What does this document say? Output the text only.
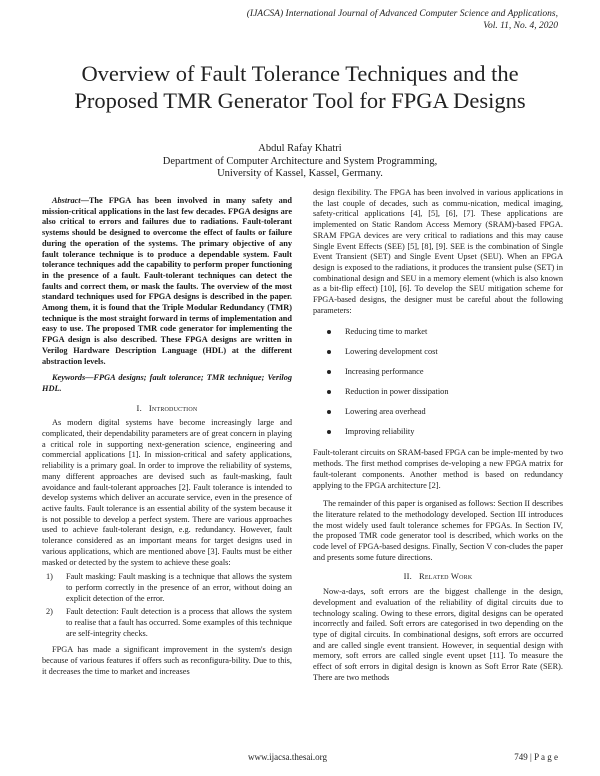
(IJACSA) International Journal of Advanced Computer Science and Applications,
Vol. 11, No. 4, 2020
Overview of Fault Tolerance Techniques and the
Proposed TMR Generator Tool for FPGA Designs
Abdul Rafay Khatri
Department of Computer Architecture and System Programming,
University of Kassel, Kassel, Germany.

Abstract—The FPGA has been involved in many safety and mission-critical applications in the last few decades. FPGA designs are also critical to errors and failures due to radiations. Fault-tolerant systems should be designed to overcome the effect of faults or failure during the operation of the systems. The primary objective of any fault tolerance technique is to produce a dependable system. Fault tolerance techniques add the capability to perform proper functioning in the presence of a fault. Fault-tolerant techniques can detect the faults and correct them, or mask the faults. The overview of the most standard techniques used for FPGA designs is described in the paper. Among them, it is found that the Triple Modular Redundancy (TMR) technique is the most straight forward in terms of implementation and easy to use. The proposed TMR code generator for implementing the FPGA design is also described. These FPGA designs are written in Verilog Hardware Description Language (HDL) at the different abstraction levels.

Keywords—FPGA designs; fault tolerance; TMR technique; Verilog HDL.

I. Introduction

As modern digital systems have become increasingly large and complicated, their dependability parameters are of great concern in playing a critical role in supporting next-generation science, engineering and commercial applications [1]. In mission-critical and safety applications, reliability is a primary goal. In order to improve the reliability of systems, many different approaches are devised such as fault-masking, fault avoidance and fault-tolerant approaches [2]. Fault tolerance is intended to develop systems which deliver an accurate service, even in the presence of active faults. Fault tolerance is an essential ability of the system because it is not possible to develop a perfect system. There are various approaches used to achieve fault-tolerant design, e.g. redundancy. However, fault tolerance considered as an important means for target designs used in various applications, which are mentioned above [3]. Faults must be either masked or detected by the system to achieve these goals:

1)	Fault masking: Fault masking is a technique that allows the system to perform correctly in the presence of an error, without doing an explicit detection of the error.
2)	Fault detection: Fault detection is a process that allows the system to realise that a fault has occurred. Some examples of this technique are self-integrity checks.

FPGA has made a significant improvement in the system's design because of various features if offers such as reconfigura-bility. Due to this, it decreases the time to market and increases

design flexibility. The FPGA has been involved in various applications in the last couple of decades, such as commu-nication, medical imaging, safety-critical applications [4], [5], [6], [7]. These applications are implemented on Static Random Access Memory (SRAM)-based FPGA. SRAM FPGA devices are very critical to radiations and this may cause Single Event Effects (SEE) [5], [8], [9]. SEE is the combination of Single Event Transient (SET) and Single Event Upset (SEU). When an FPGA design is exposed to the radiations, it produces the transient pulse (SET) in combinational design and SEU in a memory element (which is also known as a bit-flip effect) [10], [6]. To develop the SEU mitigation scheme for FPGA-based designs, the designer must be careful about the following parameters:

Reducing time to market
Lowering development cost
Increasing performance
Reduction in power dissipation
Lowering area overhead
Improving reliability

Fault-tolerant circuits on SRAM-based FPGA can be imple-mented by two methods. The first method comprises de-veloping a new FPGA matrix for fault-tolerant components. Another method is based on redundancy applying to the FPGA architecture [2].

The remainder of this paper is organised as follows: Section II describes the literature related to the methodology developed. Section III introduces the most widely used fault tolerance schemes for FPGAs. In Section IV, the proposed TMR code generator tool is described, which works on the code level of FPGA-based designs. Finally, Section V con-cludes the paper and presents some future directions.

II. Related Work

Now-a-days, soft errors are the biggest challenge in the design, development and evaluation of the reliability of digital circuits due to technology scaling. Owing to these errors, digital designs can be operated incorrectly and failed. Soft errors are categorised in two depending on the type of digital circuits. In combinational designs, soft errors are occurred and are called single event transient. However, in sequential design with memory, soft errors are called single event upset [11]. To measure the effect of soft errors in digital design is known as Soft Error Rate (SER). There are two methods

www.ijacsa.thesai.org	749 | P a g e
